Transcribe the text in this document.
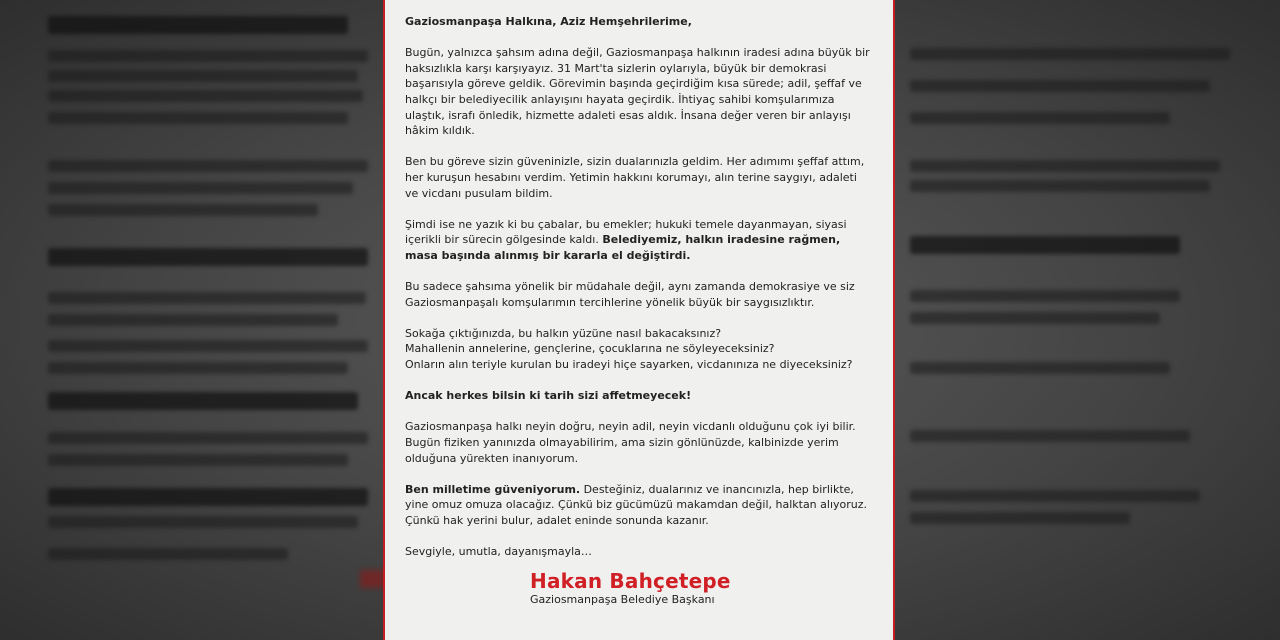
Gaziosmanpaşa Halkına, Aziz Hemşehrilerime,
Bugün, yalnızca şahsım adına değil, Gaziosmanpaşa halkının iradesi adına büyük bir haksızlıkla karşı karşıyayız. 31 Mart'ta sizlerin oylarıyla, büyük bir demokrasi başarısıyla göreve geldik. Görevimin başında geçirdiğim kısa sürede; adil, şeffaf ve halkçı bir belediyecilik anlayışını hayata geçirdik. İhtiyaç sahibi komşularımıza ulaştık, israfı önledik, hizmette adaleti esas aldık. İnsana değer veren bir anlayışı hâkim kıldık.
Ben bu göreve sizin güveninizle, sizin dualarınızla geldim. Her adımımı şeffaf attım, her kuruşun hesabını verdim. Yetimin hakkını korumayı, alın terine saygıyı, adaleti ve vicdanı pusulam bildim.
Şimdi ise ne yazık ki bu çabalar, bu emekler; hukuki temele dayanmayan, siyasi içerikli bir sürecin gölgesinde kaldı. Belediyemiz, halkın iradesine rağmen, masa başında alınmış bir kararla el değiştirdi.
Bu sadece şahsıma yönelik bir müdahale değil, aynı zamanda demokrasiye ve siz Gaziosmanpaşalı komşularımın tercihlerine yönelik büyük bir saygısızlıktır.
Sokağa çıktığınızda, bu halkın yüzüne nasıl bakacaksınız?
Mahallenin annelerine, gençlerine, çocuklarına ne söyleyeceksiniz?
Onların alın teriyle kurulan bu iradeyi hiçe sayarken, vicdanınıza ne diyeceksiniz?
Ancak herkes bilsin ki tarih sizi affetmeyecek!
Gaziosmanpaşa halkı neyin doğru, neyin adil, neyin vicdanlı olduğunu çok iyi bilir. Bugün fiziken yanınızda olmayabilirim, ama sizin gönlünüzde, kalbinizde yerim olduğuna yürekten inanıyorum.
Ben milletime güveniyorum. Desteğiniz, dualarınız ve inancınızla, hep birlikte, yine omuz omuza olacağız. Çünkü biz gücümüzü makamdan değil, halktan alıyoruz. Çünkü hak yerini bulur, adalet eninde sonunda kazanır.
Sevgiyle, umutla, dayanışmayla…
Hakan Bahçetepe
Gaziosmanpaşa Belediye Başkanı
